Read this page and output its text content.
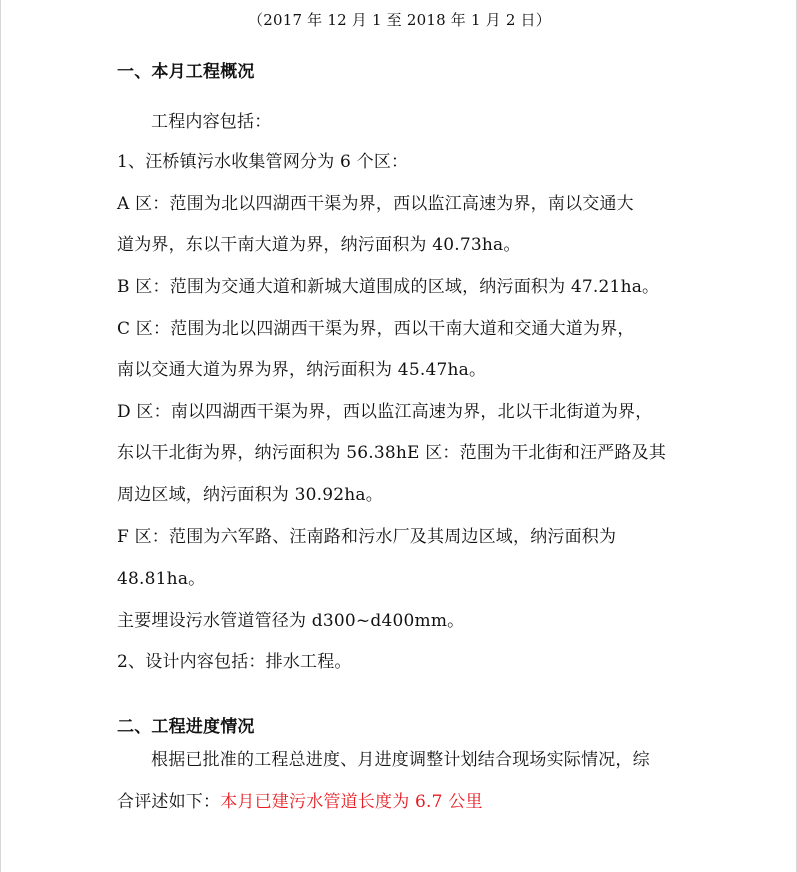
（2017 年 12 月 1 至 2018 年 1 月 2 日）
一、本月工程概况
工程内容包括：
1、汪桥镇污水收集管网分为 6 个区：
A 区：范围为北以四湖西干渠为界，西以监江高速为界，南以交通大
道为界，东以干南大道为界，纳污面积为 40.73ha。
B 区：范围为交通大道和新城大道围成的区域，纳污面积为 47.21ha。
C 区：范围为北以四湖西干渠为界，西以干南大道和交通大道为界，
南以交通大道为界为界，纳污面积为 45.47ha。
D 区：南以四湖西干渠为界，西以监江高速为界，北以干北街道为界，
东以干北街为界，纳污面积为 56.38hE 区：范围为干北街和汪严路及其
周边区域，纳污面积为 30.92ha。
F 区：范围为六军路、汪南路和污水厂及其周边区域，纳污面积为
48.81ha。
主要埋设污水管道管径为 d300~d400mm。
2、设计内容包括：排水工程。
二、工程进度情况
根据已批准的工程总进度、月进度调整计划结合现场实际情况，综
合评述如下：本月已建污水管道长度为 6.7 公里
